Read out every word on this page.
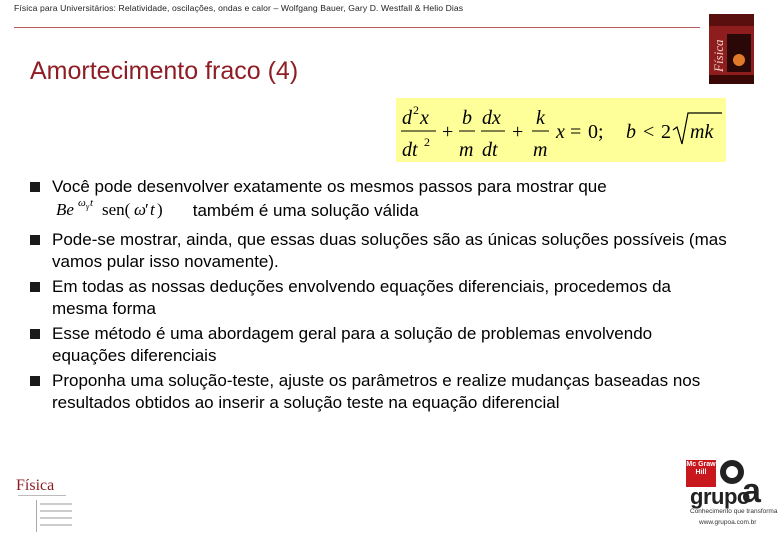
Física para Universitários: Relatividade, oscilações, ondas e calor – Wolfgang Bauer, Gary D. Westfall & Helio Dias
Física
Amortecimento fraco (4)
d 2 x
dt 2 +
b
m
dx
dt
+
k
m
x = 0; b < 2 mk
Você pode desenvolver exatamente os mesmos passos para mostrar que
Be ω γ t sen( ω
′ t ) também é uma solução válida
Pode-se mostrar, ainda, que essas duas soluções são as únicas soluções possíveis (mas vamos pular isso novamente).
Em todas as nossas deduções envolvendo equações diferenciais, procedemos da mesma forma
Esse método é uma abordagem geral para a solução de problemas envolvendo equações diferenciais
Proponha uma solução-teste, ajuste os parâmetros e realize mudanças baseadas nos resultados obtidos ao inserir a solução teste na equação diferencial
Física
Mc Graw Hill
grupo
a
Conhecimento que transforma
www.grupoa.com.br
